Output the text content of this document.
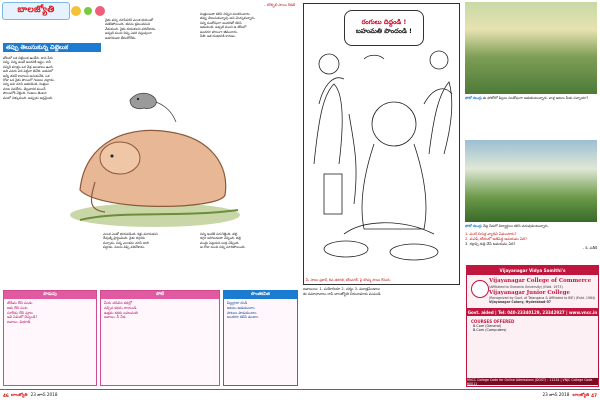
బాలజ్యోతి	– బొబ్బిలి సాయి కిరణ్
తప్పు తెలుసుకున్న చిట్టెలుక
తోటలో ఒక చిట్టెలుక ఉండేది. దాని పేరు
చిన్ని. చిన్ని అంటే అందరికీ ఇష్టం. కానీ
చిన్నికి మాత్రం ఒక చెడ్డ అలవాటు ఉంది.
అది ఎవరు ఏది పెట్టినా తినేది. అడవిలో
అన్నీ తనకే కావాలని అనుకునేది. ఒక
రోజు ఒక రైతు పొలంలో గింజలు చల్లాడు.
చిన్ని అవి చూసి ఆశపడింది. మిత్రుల
మాట వినలేదు. తెల్లవారక ముందే
పొలంలోకి వెళ్లింది. గింజలు తింటూ
వలలో చిక్కుకుంది. అప్పుడు అర్థమైంది.
రైతు వచ్చి చూసేసరికి ఎలుక భయంతో
వణికిపోయింది. తనను క్షమించమని
వేడుకుంది. రైతు దయతలచి వదిలేశాడు.
అప్పటి నుంచి చిన్ని ఎవరి వస్తువులూ
అడగకుండా తీసుకోలేదు.
మిత్రులంతా కలిసి చిన్నిని పలకరించారు.
తప్పు తెలుసుకున్నావు అని మెచ్చుకున్నారు.
చిన్ని సంతోషంగా అందరితో కలిసి
ఆడుకుంది. అప్పటి నుంచి ఆ తోటలో
అందరూ హాయిగా జీవించారు.
నీతి: ఆశ దుఃఖానికి కారణం.
ఎలుక ఎంతో భయపడింది. కళ్లు మూసుకుని
దేవుణ్ని ప్రార్థించింది. రైతు దగ్గరకు
వచ్చాడు. చిన్న ఎలుకను చూసి జాలి
పడ్డాడు. వలను విప్పి వదిలేశాడు.
చిన్ని ఇంటికి పరుగెత్తింది. తల్లి
దగ్గర జరిగిందంతా చెప్పింది. తల్లి
ముద్దు పెట్టుకుని బుద్ధి చెప్పింది.
ఆ రోజు నుంచి చిన్ని మారిపోయింది.
పొడుపు
తొడిమ లేని పండు
ఆకు లేని పంట
సూరీడు లేని పూట
ఇవి ఏమిటో చెప్పండి?
జవాబు: విభూతి
పోటీ
మీరు చదివిన కథల్లో
నచ్చిన కథను రాయండి.
ఉత్తమ కథకు బహుమతి
జవాబు: నీ నీడ
సొంతకవిత
పిల్లల్లారా రండి
ఆటలు ఆడుకుందాం
పాటలు పాడుకుందాం
అందరూ కలిసి ఉందాం
46 బాలజ్యోతి 23 జూన్ 2018
రంగులు దిద్దండి !
బహుమతి పొందండి !
పే. సాయి ప్రకాశ్, 6వ తరగతి, కరీంనగర్. పై బొమ్మ సాయి గీసింది.
ఫోటో కబుర్లు ఈ ఫోటోలో పిల్లలు సంతోషంగా ఆడుకుంటున్నారు. వాళ్ల ఆటలు మీకు నచ్చాయా?
ఫోటో కబుర్లు చెట్ల నీడలో విద్యార్థులు కలిసి చదువుకుంటున్నారు.
1. పంటి చిగుళ్ల వ్యాధిని ఏమంటారు?
2. మనిషి శరీరంలో అతిపెద్ద అవయవం ఏది?
3. రక్తాన్ని శుద్ధి చేసే అవయవం ఏది?
– కె. సతీశ్
జవాబులు: 1. పయోరియా 2. చర్మం 3. మూత్రపిండాలు
ఈ సమాధానాలు రాసి బాలజ్యోతి చిరునామాకు పంపండి.
Vijayanagar Vidya Samithi's
Vijayanagar College of Commerce
(Affiliated to Osmania University) (Estd. 1973)
Vijayanagar Junior College
(Recognized by Govt. of Telangana & Affiliated to BIE) (Estd. 1984)
Vijayanagar Colony, Hyderabad-57
Govt. aided | Tel: 040-23340129, 23342927 | www.vncc.in
COURSES OFFERED
B.Com (General)
B.Com (Computers)
VNCC College Code for Online Admissions (DOST) : 11234 | VNJC College Code 60011
23 జూన్ 2018 బాలజ్యోతి 47
